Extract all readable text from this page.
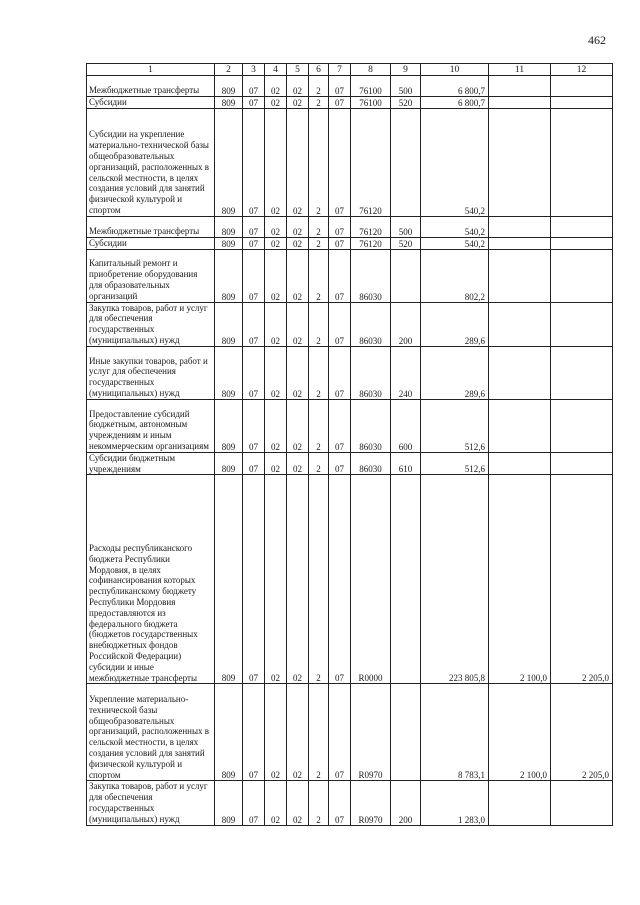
462
1	2	3	4	5	6	7	8	9	10	11	12
Межбюджетные трансферты	809	07	02	02	2	07	76100	500	6 800,7		
Субсидии	809	07	02	02	2	07	76100	520	6 800,7		
Субсидии на укрепление материально-технической базы общеобразовательных организаций, расположенных в сельской местности, в целях создания условий для занятий физической культурой и спортом	809	07	02	02	2	07	76120		540,2		
Межбюджетные трансферты	809	07	02	02	2	07	76120	500	540,2		
Субсидии	809	07	02	02	2	07	76120	520	540,2		
Капитальный ремонт и приобретение оборудования для образовательных организаций	809	07	02	02	2	07	86030		802,2		
Закупка товаров, работ и услуг для обеспечения государственных (муниципальных) нужд	809	07	02	02	2	07	86030	200	289,6		
Иные закупки товаров, работ и услуг для обеспечения государственных (муниципальных) нужд	809	07	02	02	2	07	86030	240	289,6		
Предоставление субсидий бюджетным, автономным учреждениям и иным некоммерческим организациям	809	07	02	02	2	07	86030	600	512,6		
Субсидии бюджетным учреждениям	809	07	02	02	2	07	86030	610	512,6		
Расходы республиканского бюджета Республики Мордовия, в целях софинансирования которых республиканскому бюджету Республики Мордовия предоставляются из федерального бюджета (бюджетов государственных внебюджетных фондов Российской Федерации) субсидии и иные межбюджетные трансферты	809	07	02	02	2	07	R0000		223 805,8	2 100,0	2 205,0
Укрепление материально-технической базы общеобразовательных организаций, расположенных в сельской местности, в целях создания условий для занятий физической культурой и спортом	809	07	02	02	2	07	R0970		8 783,1	2 100,0	2 205,0
Закупка товаров, работ и услуг для обеспечения государственных (муниципальных) нужд	809	07	02	02	2	07	R0970	200	1 283,0		
